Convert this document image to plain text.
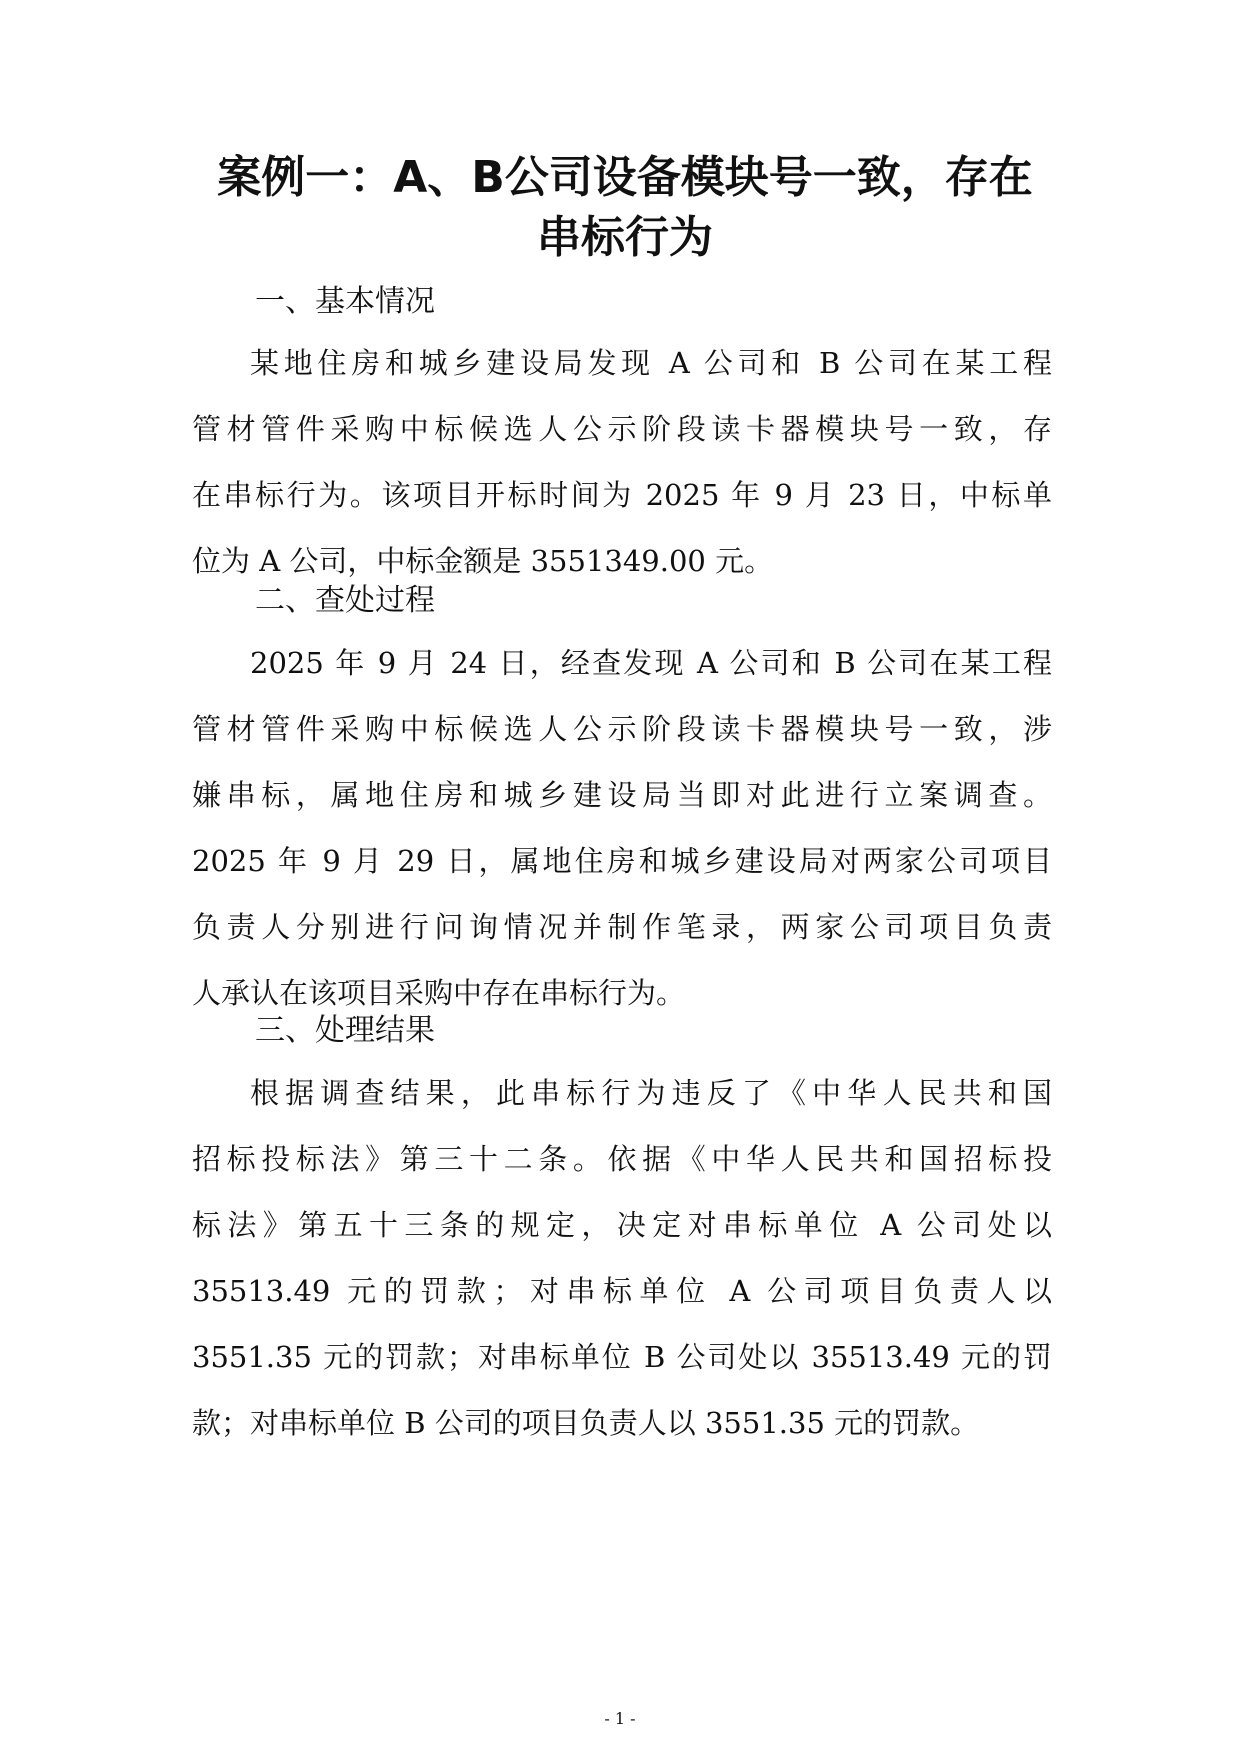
案例一：A、B公司设备模块号一致，存在
串标行为
一、基本情况
某地住房和城乡建设局发现 A 公司和 B 公司在某工程
管材管件采购中标候选人公示阶段读卡器模块号一致，存
在串标行为。该项目开标时间为 2025 年 9 月 23 日，中标单
位为 A 公司，中标金额是 3551349.00 元。
二、查处过程
2025 年 9 月 24 日，经查发现 A 公司和 B 公司在某工程
管材管件采购中标候选人公示阶段读卡器模块号一致，涉
嫌串标，属地住房和城乡建设局当即对此进行立案调查。
2025 年 9 月 29 日，属地住房和城乡建设局对两家公司项目
负责人分别进行问询情况并制作笔录，两家公司项目负责
人承认在该项目采购中存在串标行为。
三、处理结果
根据调查结果，此串标行为违反了《中华人民共和国
招标投标法》第三十二条。依据《中华人民共和国招标投
标法》第五十三条的规定，决定对串标单位 A 公司处以
35513.49 元的罚款；对串标单位 A 公司项目负责人以
3551.35 元的罚款；对串标单位 B 公司处以 35513.49 元的罚
款；对串标单位 B 公司的项目负责人以 3551.35 元的罚款。
- 1 -
